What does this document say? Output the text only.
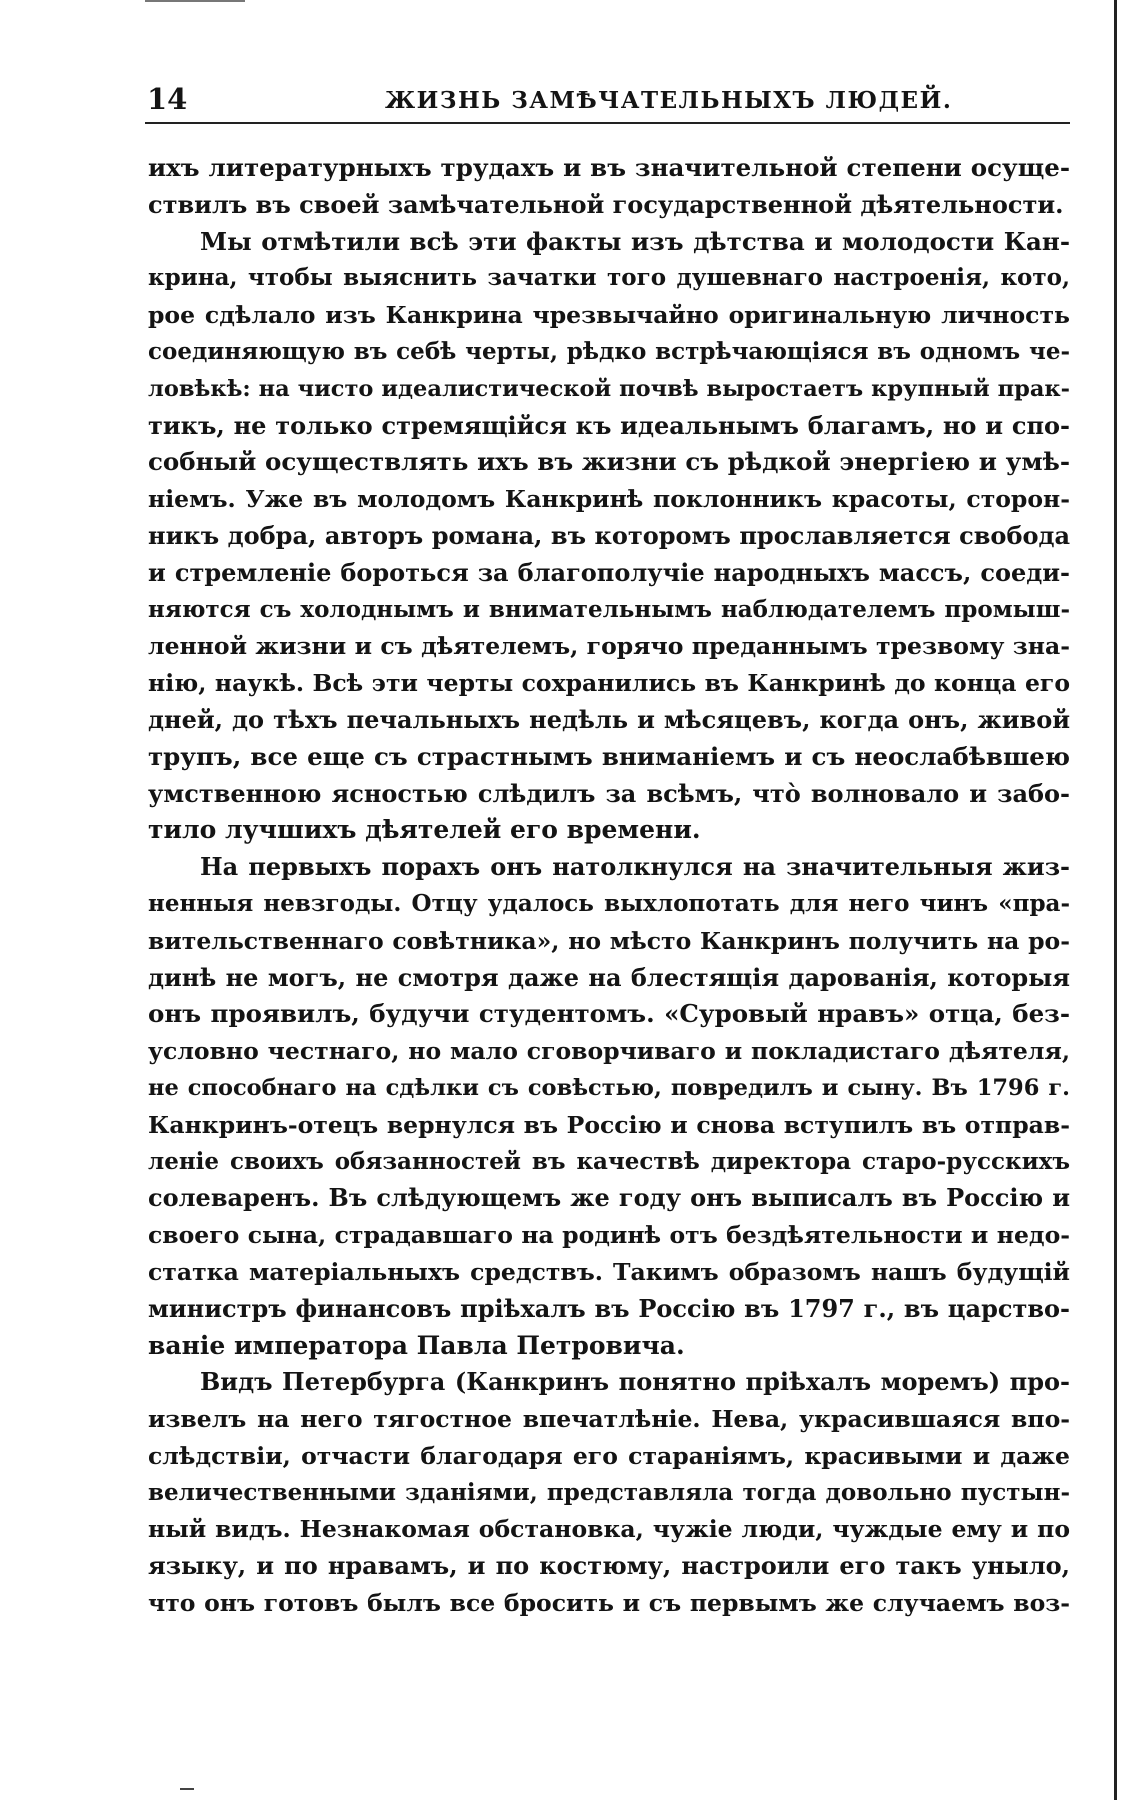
14	ЖИЗНЬ ЗАМѢЧАТЕЛЬНЫХЪ ЛЮДЕЙ.
ихъ литературныхъ трудахъ и въ значительной степени осуще-
ствилъ въ своей замѣчательной государственной дѣятельности.
Мы отмѣтили всѣ эти факты изъ дѣтства и молодости Кан-
крина, чтобы выяснить зачатки того душевнаго настроенія, кото,
рое сдѣлало изъ Канкрина чрезвычайно оригинальную личность
соединяющую въ себѣ черты, рѣдко встрѣчающіяся въ одномъ че-
ловѣкѣ: на чисто идеалистической почвѣ выростаетъ крупный прак-
тикъ, не только стремящійся къ идеальнымъ благамъ, но и спо-
собный осуществлять ихъ въ жизни съ рѣдкой энергіею и умѣ-
ніемъ. Уже въ молодомъ Канкринѣ поклонникъ красоты, сторон-
никъ добра, авторъ романа, въ которомъ прославляется свобода
и стремленіе бороться за благополучіе народныхъ массъ, соеди-
няются съ холоднымъ и внимательнымъ наблюдателемъ промыш-
ленной жизни и съ дѣятелемъ, горячо преданнымъ трезвому зна-
нію, наукѣ. Всѣ эти черты сохранились въ Канкринѣ до конца его
дней, до тѣхъ печальныхъ недѣль и мѣсяцевъ, когда онъ, живой
трупъ, все еще съ страстнымъ вниманіемъ и съ неослабѣвшею
умственною ясностью слѣдилъ за всѣмъ, что̀ волновало и забо-
тило лучшихъ дѣятелей его времени.
На первыхъ порахъ онъ натолкнулся на значительныя жиз-
ненныя невзгоды. Отцу удалось выхлопотать для него чинъ «пра-
вительственнаго совѣтника», но мѣсто Канкринъ получить на ро-
динѣ не могъ, не смотря даже на блестящія дарованія, которыя
онъ проявилъ, будучи студентомъ. «Суровый нравъ» отца, без-
условно честнаго, но мало сговорчиваго и покладистаго дѣятеля,
не способнаго на сдѣлки съ совѣстью, повредилъ и сыну. Въ 1796 г.
Канкринъ-отецъ вернулся въ Россію и снова вступилъ въ отправ-
леніе своихъ обязанностей въ качествѣ директора старо-русскихъ
солеваренъ. Въ слѣдующемъ же году онъ выписалъ въ Россію и
своего сына, страдавшаго на родинѣ отъ бездѣятельности и недо-
статка матеріальныхъ средствъ. Такимъ образомъ нашъ будущій
министръ финансовъ пріѣхалъ въ Россію въ 1797 г., въ царство-
ваніе императора Павла Петровича.
Видъ Петербурга (Канкринъ понятно пріѣхалъ моремъ) про-
извелъ на него тягостное впечатлѣніе. Нева, украсившаяся впо-
слѣдствіи, отчасти благодаря его стараніямъ, красивыми и даже
величественными зданіями, представляла тогда довольно пустын-
ный видъ. Незнакомая обстановка, чужіе люди, чуждые ему и по
языку, и по нравамъ, и по костюму, настроили его такъ уныло,
что онъ готовъ былъ все бросить и съ первымъ же случаемъ воз-
